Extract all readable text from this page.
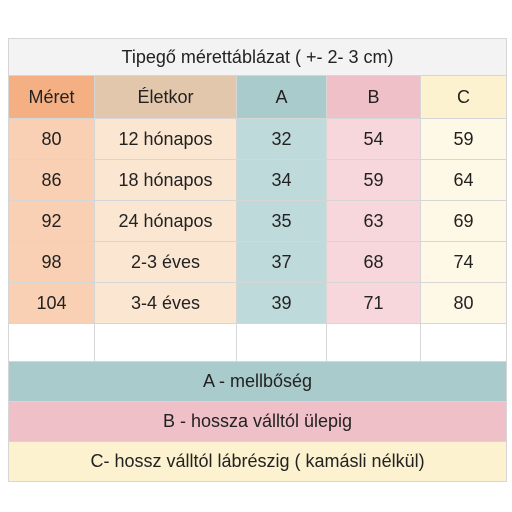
Tipegő mérettáblázat ( +- 2- 3 cm)				
Méret	Életkor	A	B	C
80	12 hónapos	32	54	59
86	18 hónapos	34	59	64
92	24 hónapos	35	63	69
98	2-3 éves	37	68	74
104	3-4 éves	39	71	80

A - mellbőség				
B - hossza válltól ülepig				
C- hossz válltól lábrészig ( kamásli nélkül)				
